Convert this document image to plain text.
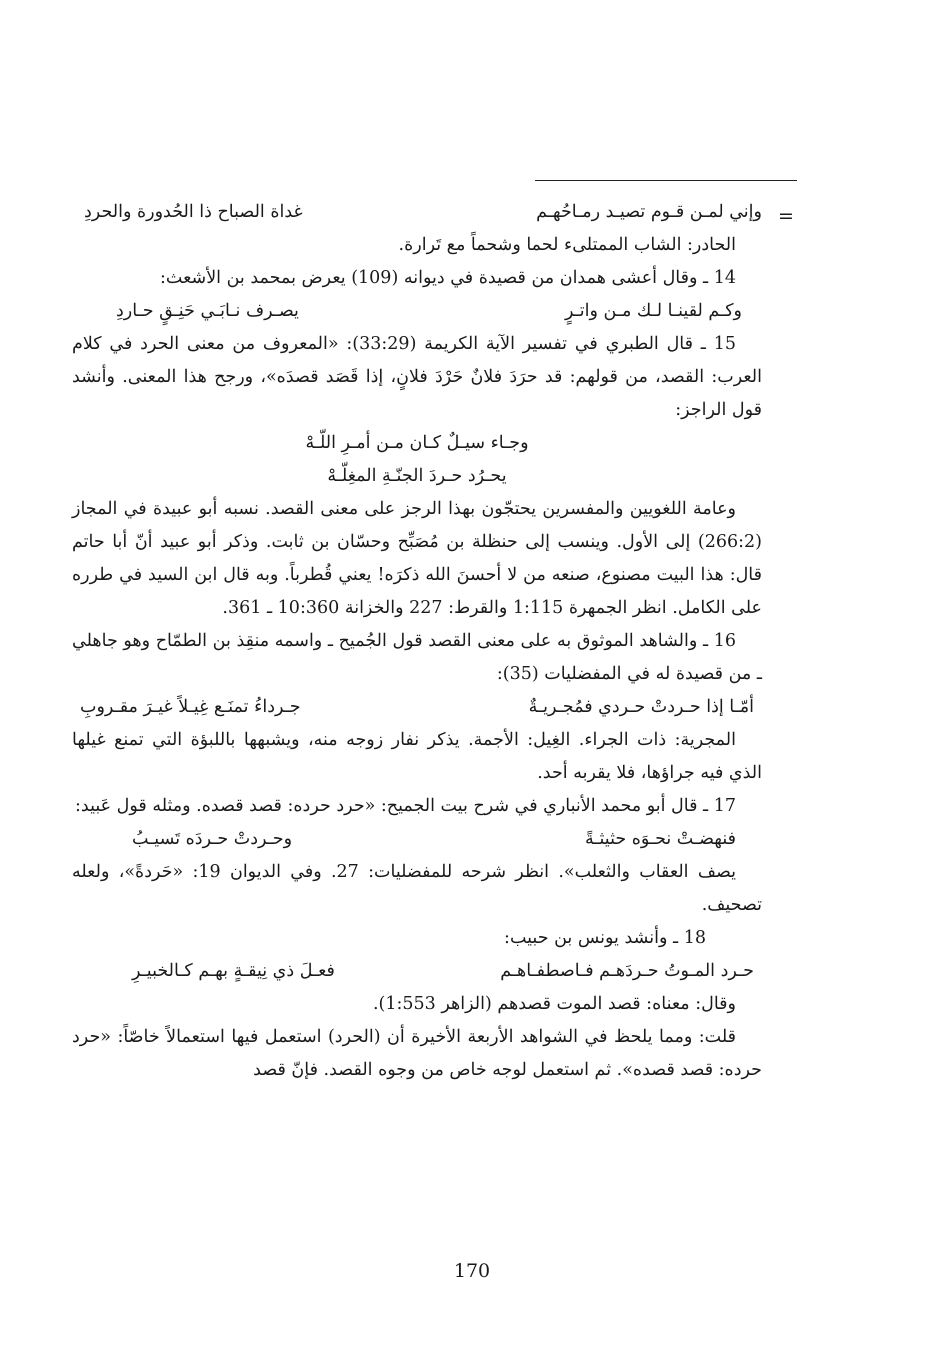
=
وإني لمـن قـوم تصيـد رمـاحُهـم
غداة الصباح ذا الحُدورة والحردِ

الحادر: الشاب الممتلىء لحما وشحماً مع تَرارة.

14 ـ وقال أعشى همدان من قصيدة في ديوانه (109) يعرض بمحمد بن الأشعث:

وكـم لقينـا لـك مـن واتـرٍ
يصـرف نـابَـي حَنِـقٍ حـاردِ

15 ـ قال الطبري في تفسير الآية الكريمة (33:29): «المعروف من معنى الحرد في كلام العرب: القصد، من قولهم: قد حرَدَ فلانٌ حَرْدَ فلانٍ، إذا قَصَد قصدَه»، ورجح هذا المعنى. وأنشد قول الراجز:

وجـاء سيـلٌ كـان مـن أمـرِ اللّـهْ
يحـرُد حـردَ الجنّـةِ المغِلّـهْ

وعامة اللغويين والمفسرين يحتجّون بهذا الرجز على معنى القصد. نسبه أبو عبيدة في المجاز (266:2) إلى الأول. وينسب إلى حنظلة بن مُصَبِّح وحسّان بن ثابت. وذكر أبو عبيد أنّ أبا حاتم قال: هذا البيت مصنوع، صنعه من لا أحسنَ الله ذكرَه! يعني قُطرباً. وبه قال ابن السيد في طرره على الكامل. انظر الجمهرة 1:115 والقرط: 227 والخزانة 10:360 ـ 361.

16 ـ والشاهد الموثوق به على معنى القصد قول الجُميح ـ واسمه منقِذ بن الطمّاح وهو جاهلي ـ من قصيدة له في المفضليات (35):

أمّـا إذا حـردتْ حـردي فمُجـريـةٌ
جـرداءُ تمنَـع غِيـلاً غيـرَ مقـروبِ

المجرية: ذات الجراء. الغِيل: الأجمة. يذكر نفار زوجه منه، ويشبهها باللبؤة التي تمنع غيلها الذي فيه جراؤها، فلا يقربه أحد.

17 ـ قال أبو محمد الأنباري في شرح بيت الجميح: «حرد حرده: قصد قصده. ومثله قول عَبيد:

فنهضـتْ نحـوَه حثيثـةً
وحـردتْ حـردَه تَسيـبُ

يصف العقاب والثعلب». انظر شرحه للمفضليات: 27. وفي الديوان 19: «حَردةً»، ولعله تصحيف.

18 ـ وأنشد يونس بن حبيب:

حـرد المـوتُ حـردَهـم فـاصطفـاهـم
فعـلَ ذي نِيقـةٍ بهـم كـالخبيـرِ

وقال: معناه: قصد الموت قصدهم (الزاهر 1:553).

قلت: ومما يلحظ في الشواهد الأربعة الأخيرة أن (الحرد) استعمل فيها استعمالاً خاصّاً: «حرد حرده: قصد قصده». ثم استعمل لوجه خاص من وجوه القصد. فإنّ قصد

170
